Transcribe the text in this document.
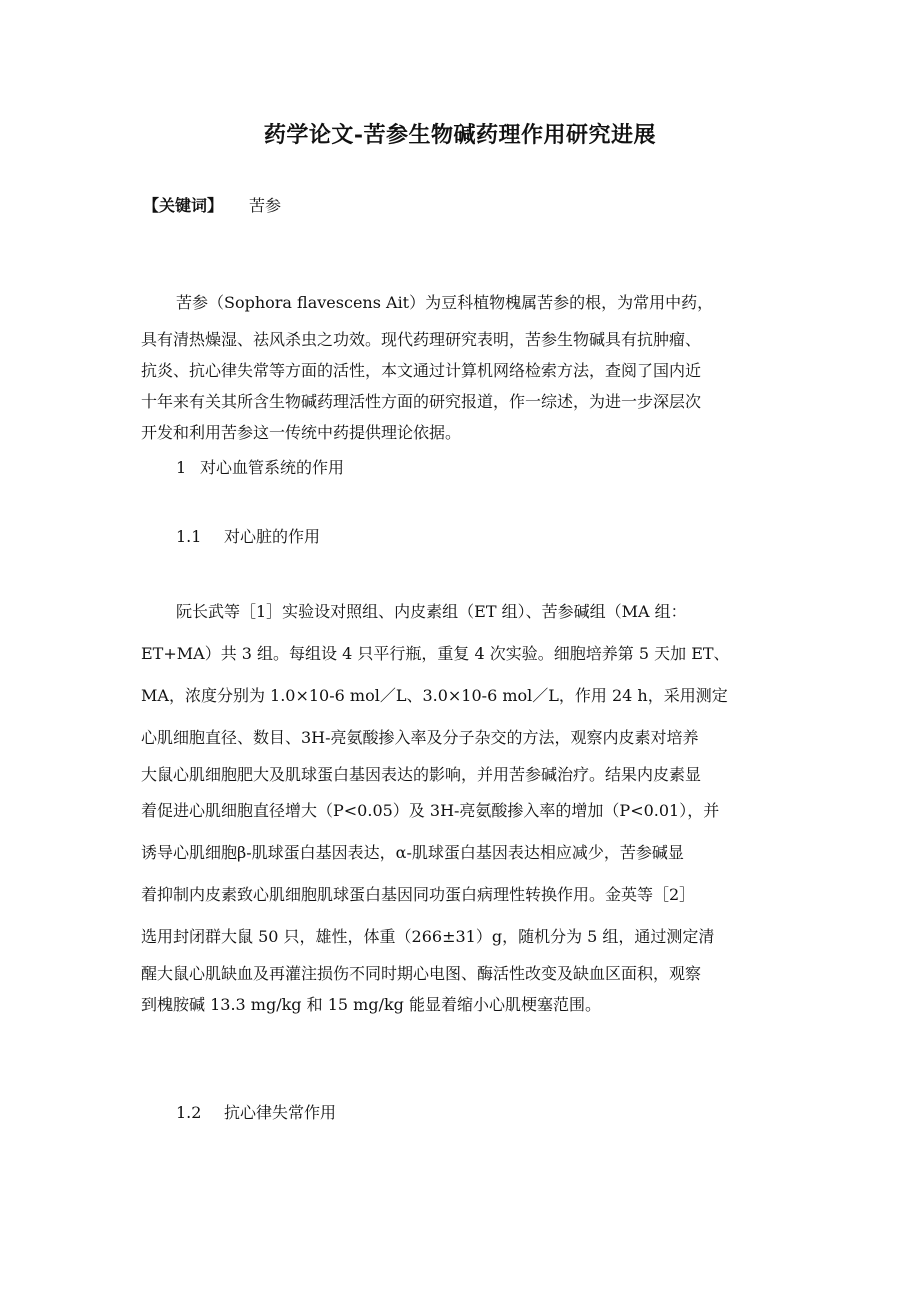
药学论文-苦参生物碱药理作用研究进展
【关键词】 苦参
苦参（Sophora flavescens Ait）为豆科植物槐属苦参的根，为常用中药，
具有清热燥湿、祛风杀虫之功效。现代药理研究表明，苦参生物碱具有抗肿瘤、
抗炎、抗心律失常等方面的活性，本文通过计算机网络检索方法，查阅了国内近
十年来有关其所含生物碱药理活性方面的研究报道，作一综述，为进一步深层次
开发和利用苦参这一传统中药提供理论依据。
1 对心血管系统的作用
1.1 对心脏的作用
阮长武等［1］实验设对照组、内皮素组（ET 组）、苦参碱组（MA 组：
ET+MA）共 3 组。每组设 4 只平行瓶，重复 4 次实验。细胞培养第 5 天加 ET、
MA，浓度分别为 1.0×10-6 mol／L、3.0×10-6 mol／L，作用 24 h，采用测定
心肌细胞直径、数目、3H-亮氨酸掺入率及分子杂交的方法，观察内皮素对培养
大鼠心肌细胞肥大及肌球蛋白基因表达的影响，并用苦参碱治疗。结果内皮素显
着促进心肌细胞直径增大（P<0.05）及 3H-亮氨酸掺入率的增加（P<0.01），并
诱导心肌细胞β-肌球蛋白基因表达，α-肌球蛋白基因表达相应减少，苦参碱显
着抑制内皮素致心肌细胞肌球蛋白基因同功蛋白病理性转换作用。金英等［2］
选用封闭群大鼠 50 只，雄性，体重（266±31）g，随机分为 5 组，通过测定清
醒大鼠心肌缺血及再灌注损伤不同时期心电图、酶活性改变及缺血区面积，观察
到槐胺碱 13.3 mg/kg 和 15 mg/kg 能显着缩小心肌梗塞范围。
1.2 抗心律失常作用
